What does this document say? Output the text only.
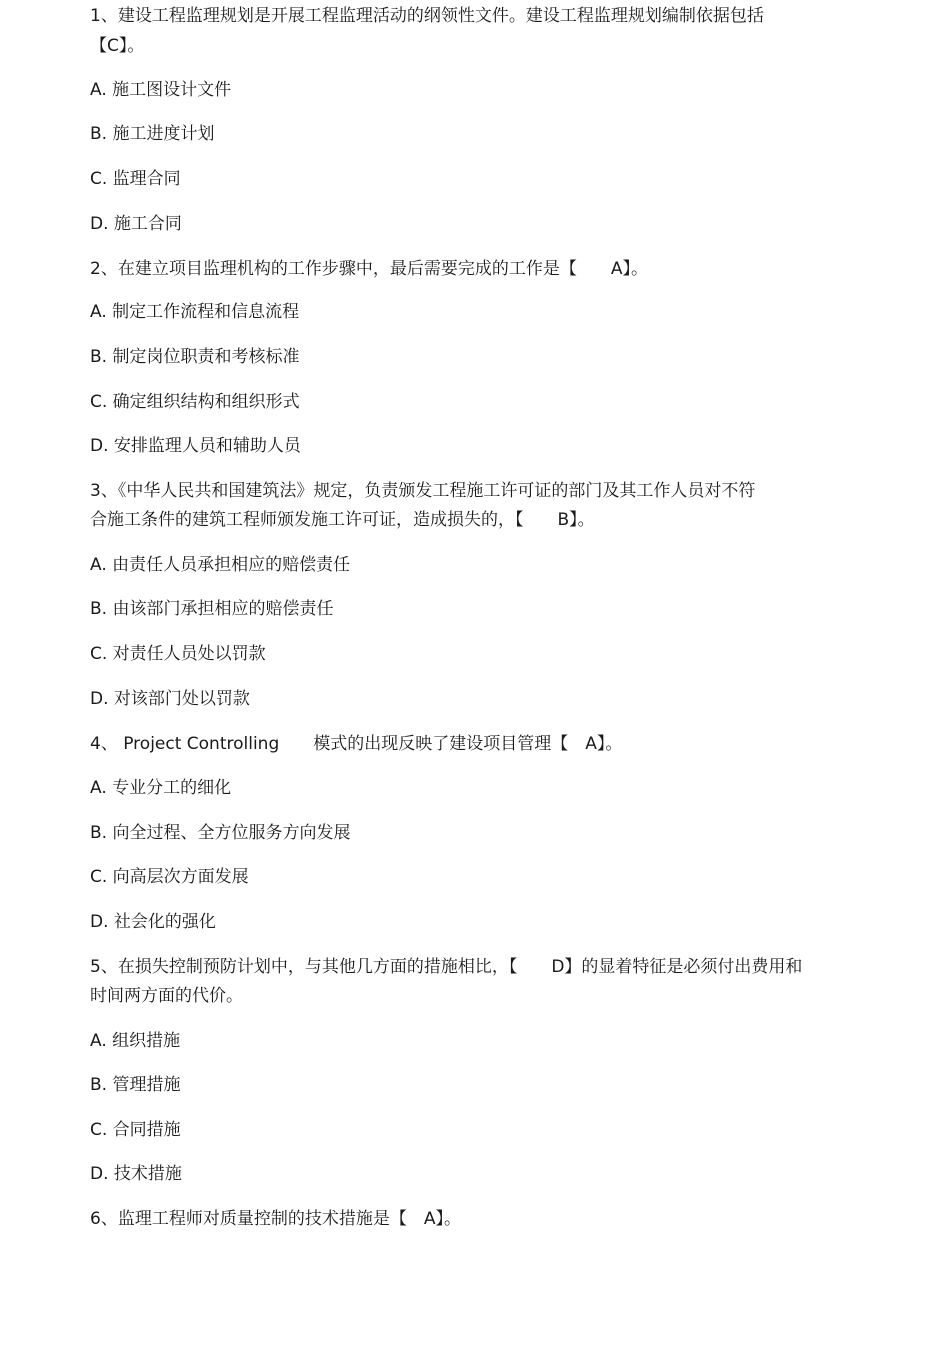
1、建设工程监理规划是开展工程监理活动的纲领性文件。建设工程监理规划编制依据包括

【C】。

A. 施工图设计文件

B. 施工进度计划

C. 监理合同

D. 施工合同

2、在建立项目监理机构的工作步骤中，最后需要完成的工作是【　　A】。

A. 制定工作流程和信息流程

B. 制定岗位职责和考核标准

C. 确定组织结构和组织形式

D. 安排监理人员和辅助人员

3、《中华人民共和国建筑法》规定，负责颁发工程施工许可证的部门及其工作人员对不符

合施工条件的建筑工程师颁发施工许可证，造成损失的，【　　B】。

A. 由责任人员承担相应的赔偿责任

B. 由该部门承担相应的赔偿责任

C. 对责任人员处以罚款

D. 对该部门处以罚款

4、 Project Controlling　　模式的出现反映了建设项目管理【　A】。

A. 专业分工的细化

B. 向全过程、全方位服务方向发展

C. 向高层次方面发展

D. 社会化的强化

5、在损失控制预防计划中，与其他几方面的措施相比，【　　D】的显着特征是必须付出费用和

时间两方面的代价。

A. 组织措施

B. 管理措施

C. 合同措施

D. 技术措施

6、监理工程师对质量控制的技术措施是【　A】。
